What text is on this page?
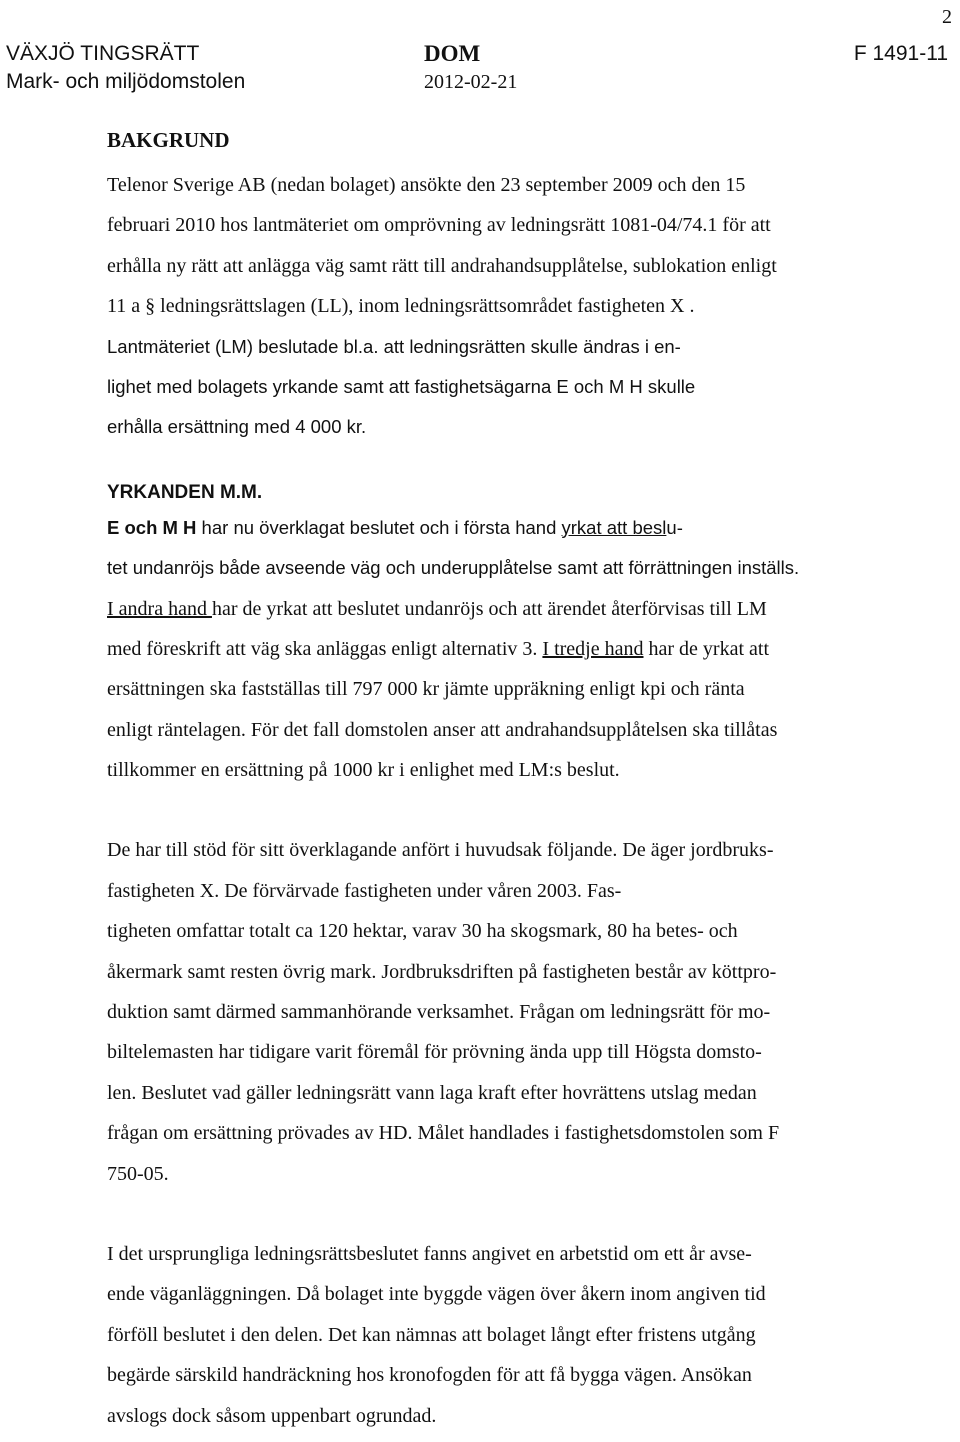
2
VÄXJÖ TINGSRÄTT
Mark- och miljödomstolen
DOM
2012-02-21
F 1491-11
BAKGRUND
Telenor Sverige AB (nedan bolaget) ansökte den 23 september 2009 och den 15
februari 2010 hos lantmäteriet om omprövning av ledningsrätt 1081-04/74.1 för att
erhålla ny rätt att anlägga väg samt rätt till andrahandsupplåtelse, sublokation enligt
11 a § ledningsrättslagen (LL), inom ledningsrättsområdet fastigheten X .
Lantmäteriet (LM) beslutade bl.a. att ledningsrätten skulle ändras i en-
lighet med bolagets yrkande samt att fastighetsägarna E och M H skulle
erhålla ersättning med 4 000 kr.
YRKANDEN M.M.
E och M H har nu överklagat beslutet och i första hand yrkat att beslu-
tet undanröjs både avseende väg och underupplåtelse samt att förrättningen inställs.
I andra hand har de yrkat att beslutet undanröjs och att ärendet återförvisas till LM
med föreskrift att väg ska anläggas enligt alternativ 3. I tredje hand har de yrkat att
ersättningen ska fastställas till 797 000 kr jämte uppräkning enligt kpi och ränta
enligt räntelagen. För det fall domstolen anser att andrahandsupplåtelsen ska tillåtas
tillkommer en ersättning på 1000 kr i enlighet med LM:s beslut.
De har till stöd för sitt överklagande anfört i huvudsak följande. De äger jordbruks-
fastigheten X. De förvärvade fastigheten under våren 2003. Fas-
tigheten omfattar totalt ca 120 hektar, varav 30 ha skogsmark, 80 ha betes- och
åkermark samt resten övrig mark. Jordbruksdriften på fastigheten består av köttpro-
duktion samt därmed sammanhörande verksamhet. Frågan om ledningsrätt för mo-
biltelemasten har tidigare varit föremål för prövning ända upp till Högsta domsto-
len. Beslutet vad gäller ledningsrätt vann laga kraft efter hovrättens utslag medan
frågan om ersättning prövades av HD. Målet handlades i fastighetsdomstolen som F
750-05.
I det ursprungliga ledningsrättsbeslutet fanns angivet en arbetstid om ett år avse-
ende väganläggningen. Då bolaget inte byggde vägen över åkern inom angiven tid
förföll beslutet i den delen. Det kan nämnas att bolaget långt efter fristens utgång
begärde särskild handräckning hos kronofogden för att få bygga vägen. Ansökan
avslogs dock såsom uppenbart ogrundad.
